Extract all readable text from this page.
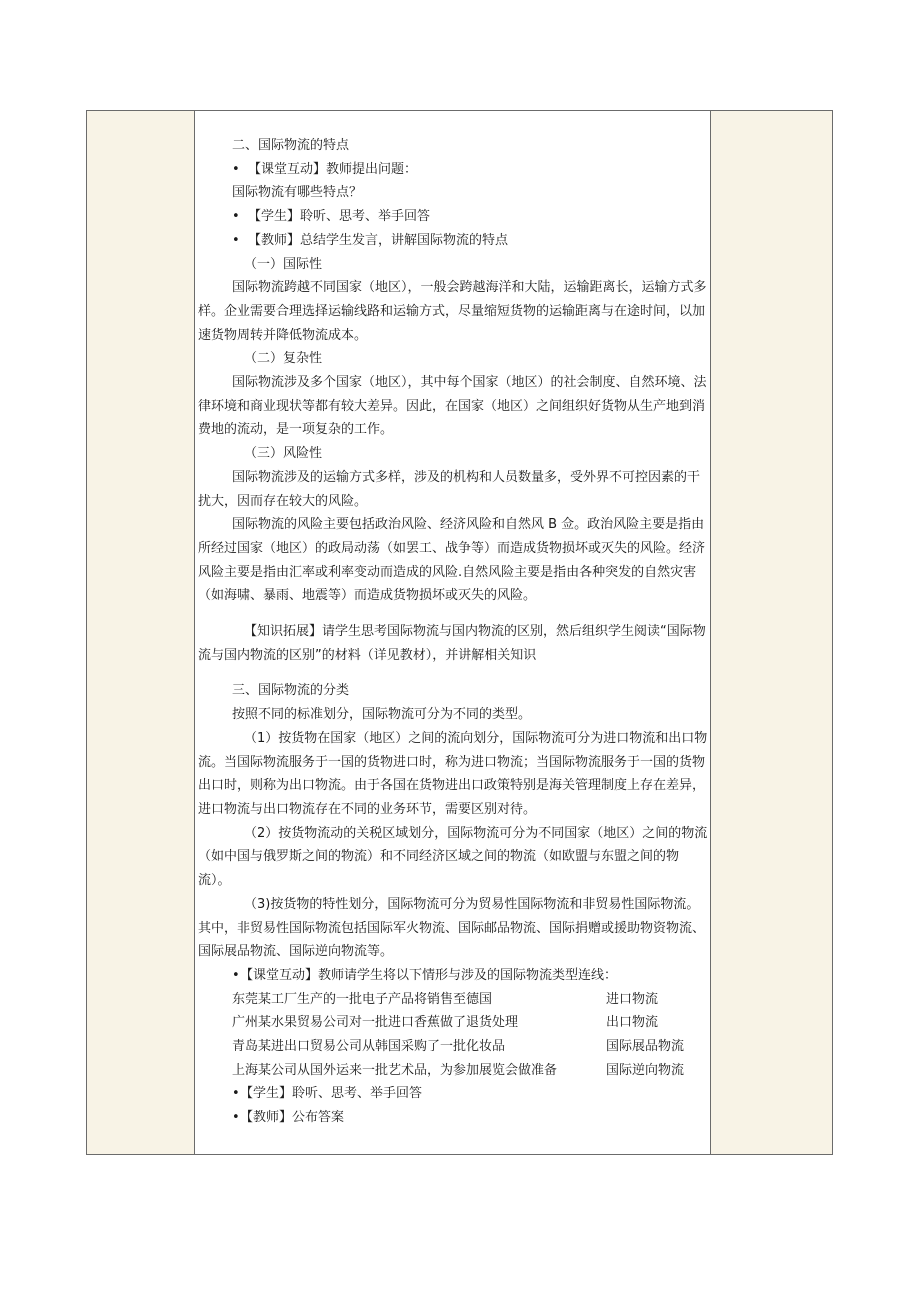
二、国际物流的特点

• 【课堂互动】教师提出问题：

国际物流有哪些特点？

• 【学生】聆听、思考、举手回答

• 【教师】总结学生发言，讲解国际物流的特点

（一）国际性

国际物流跨越不同国家（地区），一般会跨越海洋和大陆，运输距离长，运输方式多样。企业需要合理选择运输线路和运输方式，尽量缩短货物的运输距离与在途时间，以加速货物周转并降低物流成本。

（二）复杂性

国际物流涉及多个国家（地区），其中每个国家（地区）的社会制度、自然环境、法律环境和商业现状等都有较大差异。因此，在国家（地区）之间组织好货物从生产地到消费地的流动，是一项复杂的工作。

（三）风险性

国际物流涉及的运输方式多样，涉及的机构和人员数量多，受外界不可控因素的干扰大，因而存在较大的风险。

国际物流的风险主要包括政治风险、经济风险和自然风 B 佥。政治风险主要是指由所经过国家（地区）的政局动荡（如罢工、战争等）而造成货物损坏或灭失的风险。经济风险主要是指由汇率或利率变动而造成的风险.自然风险主要是指由各种突发的自然灾害（如海啸、暴雨、地震等）而造成货物损坏或灭失的风险。

【知识拓展】请学生思考国际物流与国内物流的区别，然后组织学生阅读“国际物流与国内物流的区别”的材料（详见教材），并讲解相关知识

三、国际物流的分类

按照不同的标准划分，国际物流可分为不同的类型。

（1）按货物在国家（地区）之间的流向划分，国际物流可分为进口物流和出口物流。当国际物流服务于一国的货物进口时，称为进口物流；当国际物流服务于一国的货物出口时，则称为出口物流。由于各国在货物进出口政策特别是海关管理制度上存在差异，进口物流与出口物流存在不同的业务环节，需要区别对待。

（2）按货物流动的关税区域划分，国际物流可分为不同国家（地区）之间的物流（如中国与俄罗斯之间的物流）和不同经济区域之间的物流（如欧盟与东盟之间的物流）。

（3)按货物的特性划分，国际物流可分为贸易性国际物流和非贸易性国际物流。其中，非贸易性国际物流包括国际军火物流、国际邮品物流、国际捐赠或援助物资物流、国际展品物流、国际逆向物流等。

•【课堂互动】教师请学生将以下情形与涉及的国际物流类型连线：

东莞某工厂生产的一批电子产品将销售至德国	进口物流
广州某水果贸易公司对一批进口香蕉做了退货处理	出口物流
青岛某进出口贸易公司从韩国采购了一批化妆品	国际展品物流
上海某公司从国外运来一批艺术品，为参加展览会做准备	国际逆向物流

•【学生】聆听、思考、举手回答

•【教师】公布答案
